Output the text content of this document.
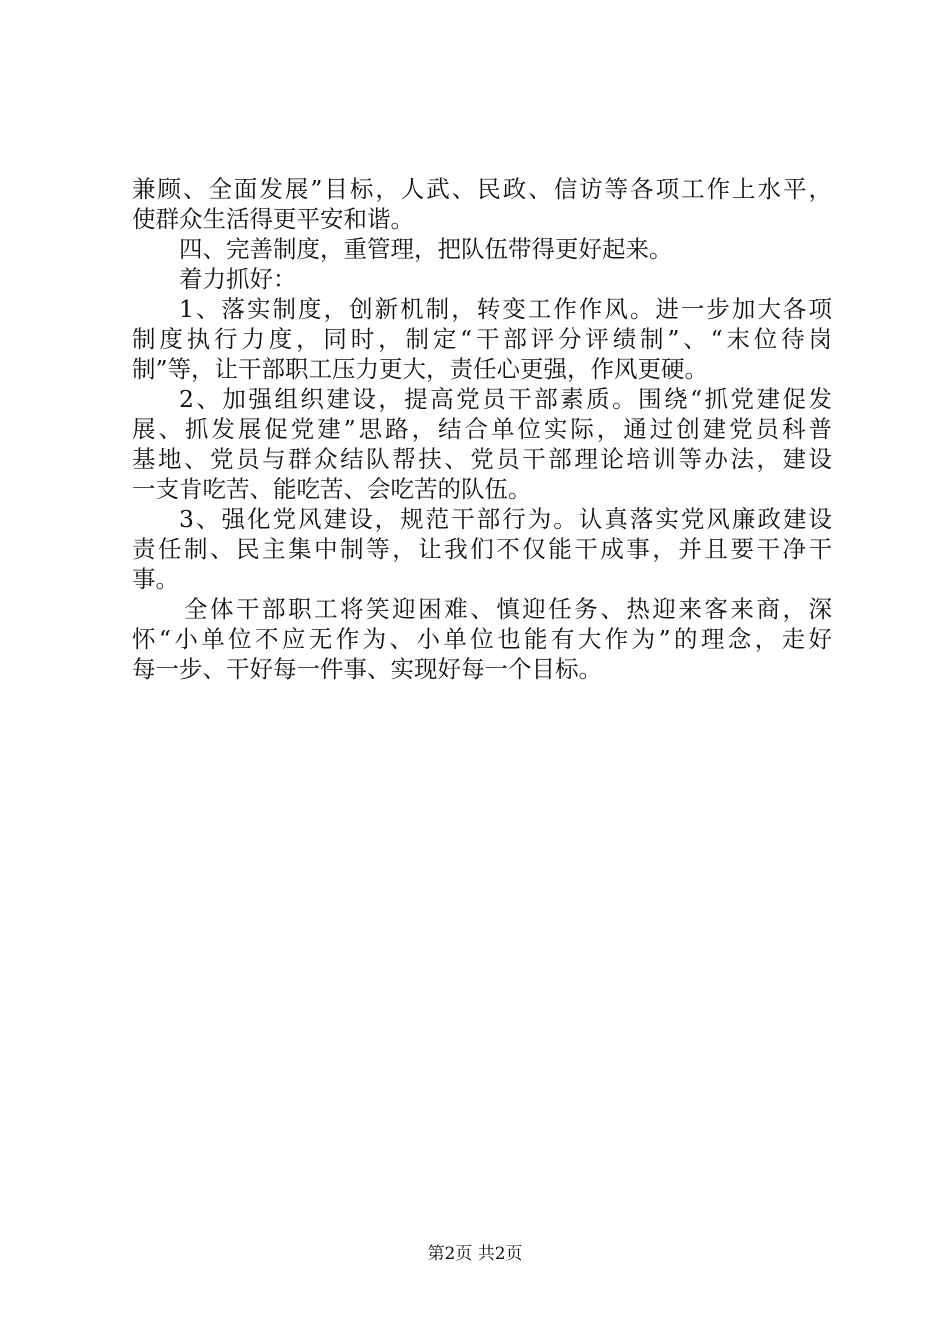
兼顾、全面发展”目标，人武、民政、信访等各项工作上水平，
使群众生活得更平安和谐。
四、完善制度，重管理，把队伍带得更好起来。
着力抓好：
1、落实制度，创新机制，转变工作作风。进一步加大各项
制度执行力度，同时，制定“干部评分评绩制”、“末位待岗
制”等，让干部职工压力更大，责任心更强，作风更硬。
2、加强组织建设，提高党员干部素质。围绕“抓党建促发
展、抓发展促党建”思路，结合单位实际，通过创建党员科普
基地、党员与群众结队帮扶、党员干部理论培训等办法，建设
一支肯吃苦、能吃苦、会吃苦的队伍。
3、强化党风建设，规范干部行为。认真落实党风廉政建设
责任制、民主集中制等，让我们不仅能干成事，并且要干净干
事。
全体干部职工将笑迎困难、慎迎任务、热迎来客来商，深
怀“小单位不应无作为、小单位也能有大作为”的理念，走好
每一步、干好每一件事、实现好每一个目标。
第2页 共2页
